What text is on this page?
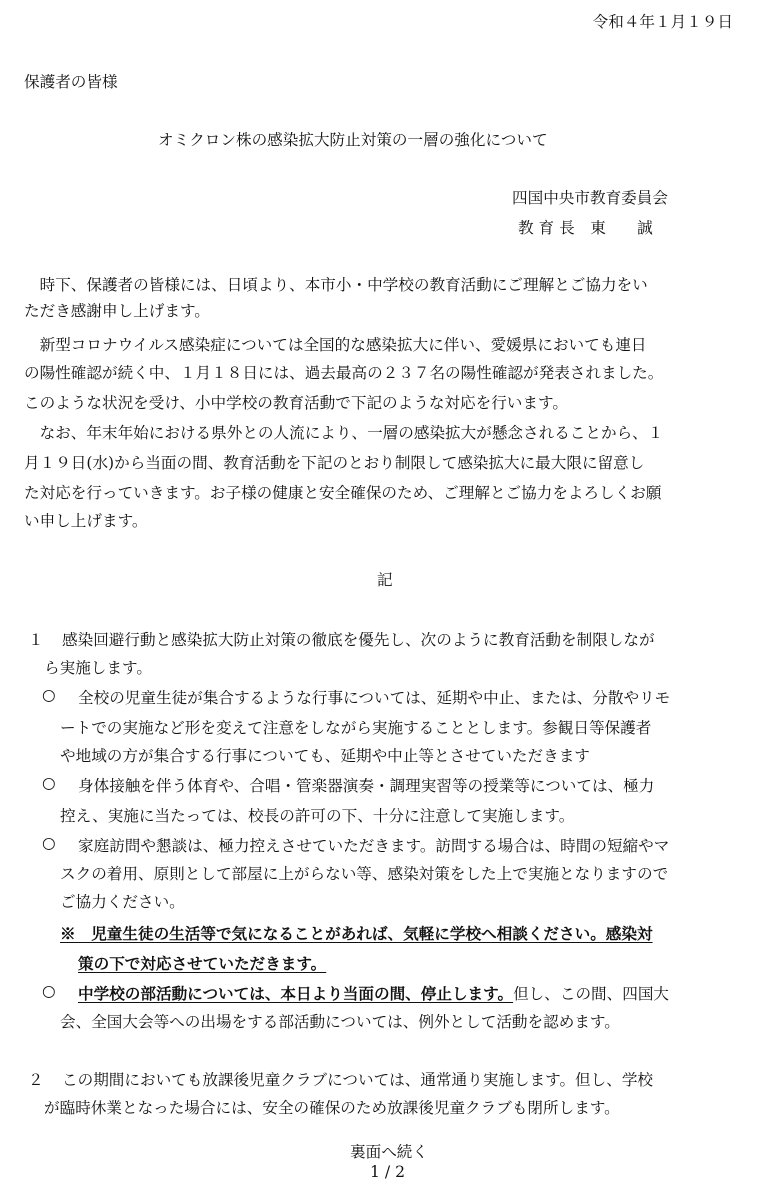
令和４年１月１９日
保護者の皆様
オミクロン株の感染拡大防止対策の一層の強化について
四国中央市教育委員会
教 育 長　東　　誠
　時下、保護者の皆様には、日頃より、本市小・中学校の教育活動にご理解とご協力をい
ただき感謝申し上げます。
　新型コロナウイルス感染症については全国的な感染拡大に伴い、愛媛県においても連日
の陽性確認が続く中、１月１８日には、過去最高の２３７名の陽性確認が発表されました。
このような状況を受け、小中学校の教育活動で下記のような対応を行います。
　なお、年末年始における県外との人流により、一層の感染拡大が懸念されることから、１
月１９日(水)から当面の間、教育活動を下記のとおり制限して感染拡大に最大限に留意し
た対応を行っていきます。お子様の健康と安全確保のため、ご理解とご協力をよろしくお願
い申し上げます。
記
１ 感染回避行動と感染拡大防止対策の徹底を優先し、次のように教育活動を制限しなが
ら実施します。
○ 全校の児童生徒が集合するような行事については、延期や中止、または、分散やリモ
ートでの実施など形を変えて注意をしながら実施することとします。参観日等保護者
や地域の方が集合する行事についても、延期や中止等とさせていただきます
○ 身体接触を伴う体育や、合唱・管楽器演奏・調理実習等の授業等については、極力
控え、実施に当たっては、校長の許可の下、十分に注意して実施します。
○ 家庭訪問や懇談は、極力控えさせていただきます。訪問する場合は、時間の短縮やマ
スクの着用、原則として部屋に上がらない等、感染対策をした上で実施となりますので
ご協力ください。
※　児童生徒の生活等で気になることがあれば、気軽に学校へ相談ください。感染対
策の下で対応させていただきます。
○ 中学校の部活動については、本日より当面の間、停止します。但し、この間、四国大
会、全国大会等への出場をする部活動については、例外として活動を認めます。
２ この期間においても放課後児童クラブについては、通常通り実施します。但し、学校
が臨時休業となった場合には、安全の確保のため放課後児童クラブも閉所します。
裏面へ続く
1 / 2
